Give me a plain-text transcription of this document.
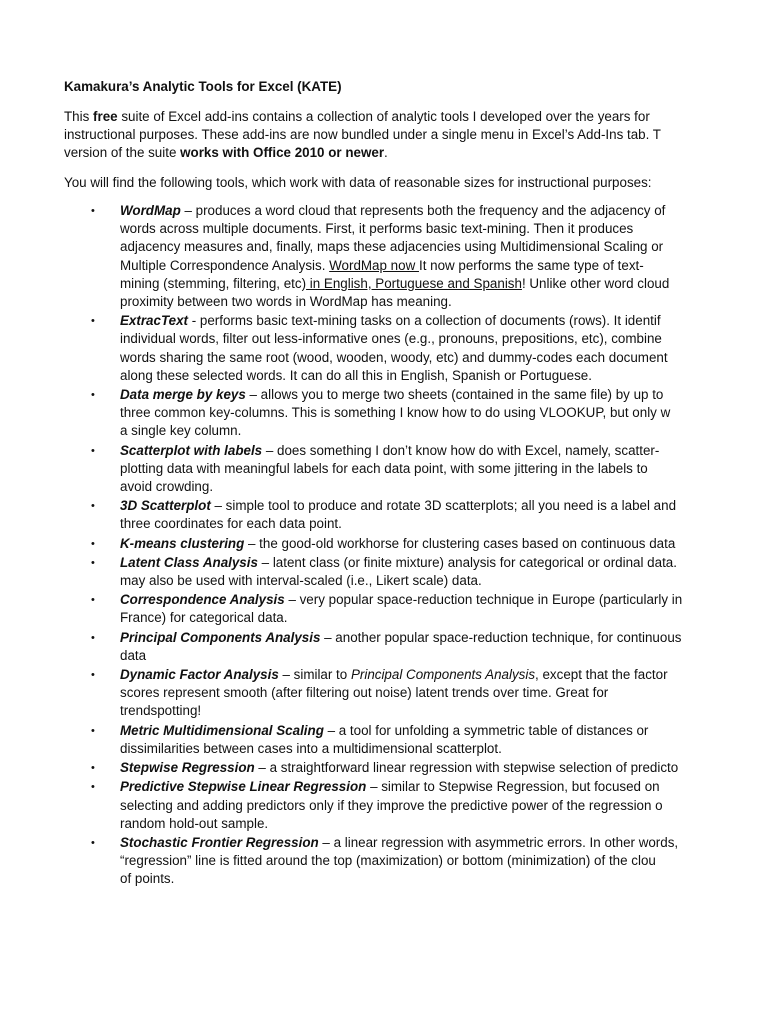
Kamakura’s Analytic Tools for Excel (KATE)
This free suite of Excel add-ins contains a collection of analytic tools I developed over the years for
instructional purposes. These add-ins are now bundled under a single menu in Excel’s Add-Ins tab. T
version of the suite works with Office 2010 or newer.
You will find the following tools, which work with data of reasonable sizes for instructional purposes:
• WordMap – produces a word cloud that represents both the frequency and the adjacency of
words across multiple documents. First, it performs basic text-mining. Then it produces
adjacency measures and, finally, maps these adjacencies using Multidimensional Scaling or
Multiple Correspondence Analysis. WordMap now It now performs the same type of text-
mining (stemming, filtering, etc) in English, Portuguese and Spanish! Unlike other word cloud
proximity between two words in WordMap has meaning.
• ExtracText - performs basic text-mining tasks on a collection of documents (rows). It identif
individual words, filter out less-informative ones (e.g., pronouns, prepositions, etc), combine
words sharing the same root (wood, wooden, woody, etc) and dummy-codes each document
along these selected words. It can do all this in English, Spanish or Portuguese.
• Data merge by keys – allows you to merge two sheets (contained in the same file) by up to
three common key-columns. This is something I know how to do using VLOOKUP, but only w
a single key column.
• Scatterplot with labels – does something I don’t know how do with Excel, namely, scatter-
plotting data with meaningful labels for each data point, with some jittering in the labels to
avoid crowding.
• 3D Scatterplot – simple tool to produce and rotate 3D scatterplots; all you need is a label and
three coordinates for each data point.
• K-means clustering – the good-old workhorse for clustering cases based on continuous data
• Latent Class Analysis – latent class (or finite mixture) analysis for categorical or ordinal data.
may also be used with interval-scaled (i.e., Likert scale) data.
• Correspondence Analysis – very popular space-reduction technique in Europe (particularly in
France) for categorical data.
• Principal Components Analysis – another popular space-reduction technique, for continuous
data
• Dynamic Factor Analysis – similar to Principal Components Analysis, except that the factor
scores represent smooth (after filtering out noise) latent trends over time. Great for
trendspotting!
• Metric Multidimensional Scaling – a tool for unfolding a symmetric table of distances or
dissimilarities between cases into a multidimensional scatterplot.
• Stepwise Regression – a straightforward linear regression with stepwise selection of predicto
• Predictive Stepwise Linear Regression – similar to Stepwise Regression, but focused on
selecting and adding predictors only if they improve the predictive power of the regression o
random hold-out sample.
• Stochastic Frontier Regression – a linear regression with asymmetric errors. In other words,
“regression” line is fitted around the top (maximization) or bottom (minimization) of the clou
of points.
